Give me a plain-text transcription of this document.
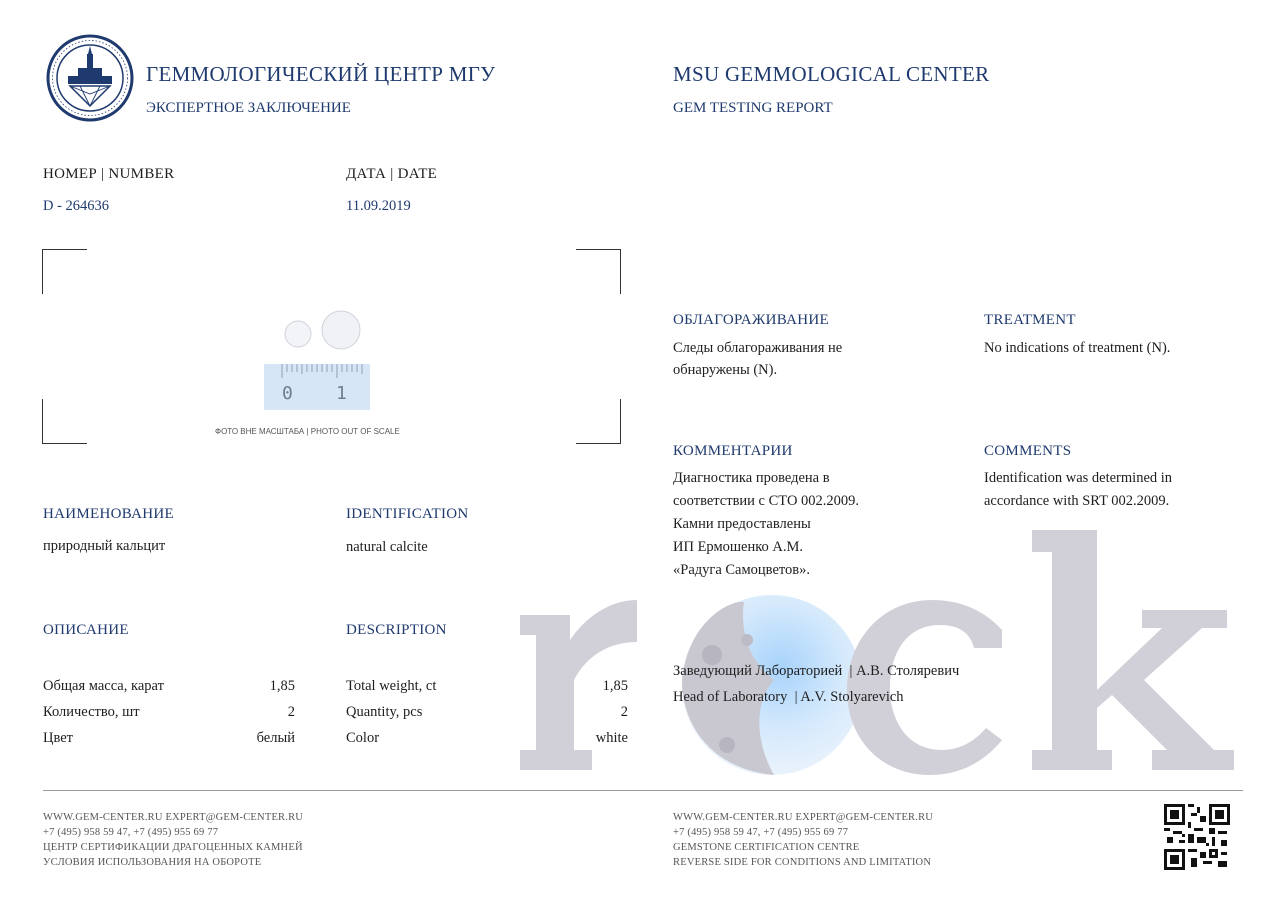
ГЕММОЛОГИЧЕСКИЙ ЦЕНТР МГУ
ЭКСПЕРТНОЕ ЗАКЛЮЧЕНИЕ
MSU GEMMOLOGICAL CENTER
GEM TESTING REPORT
НОМЕР | NUMBER
D - 264636
ДАТА | DATE
11.09.2019
0 1
ФОТО ВНЕ МАСШТАБА | PHOTO OUT OF SCALE
НАИМЕНОВАНИЕ
природный кальцит
IDENTIFICATION
natural calcite
ОПИСАНИЕ	DESCRIPTION
Общая масса, карат	1,85
Количество, шт	2
Цвет	белый
Total weight, ct	1,85
Quantity, pcs	2
Color	white
ОБЛАГОРАЖИВАНИЕ
Следы облагораживания не
обнаружены (N).
TREATMENT
No indications of treatment (N).
КОММЕНТАРИИ
Диагностика проведена в
соответствии с СТО 002.2009.
Камни предоставлены
ИП Ермошенко А.М.
«Радуга Самоцветов».
COMMENTS
Identification was determined in
accordance with SRT 002.2009.
Заведующий Лабораторией  | А.В. Столяревич
Head of Laboratory  | A.V. Stolyarevich
WWW.GEM-CENTER.RU EXPERT@GEM-CENTER.RU
+7 (495) 958 59 47, +7 (495) 955 69 77
ЦЕНТР СЕРТИФИКАЦИИ ДРАГОЦЕННЫХ КАМНЕЙ
УСЛОВИЯ ИСПОЛЬЗОВАНИЯ НА ОБОРОТЕ
WWW.GEM-CENTER.RU EXPERT@GEM-CENTER.RU
+7 (495) 958 59 47, +7 (495) 955 69 77
GEMSTONE CERTIFICATION CENTRE
REVERSE SIDE FOR CONDITIONS AND LIMITATION
